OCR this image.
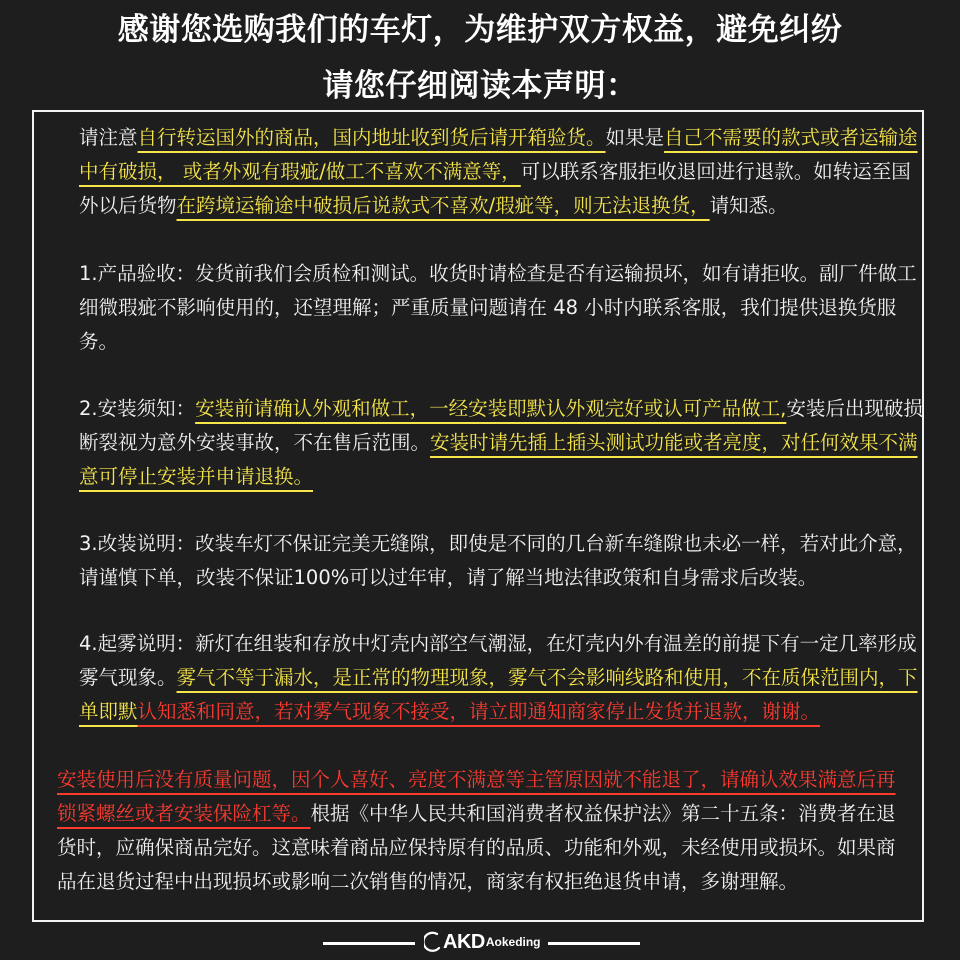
感谢您选购我们的车灯，为维护双方权益，避免纠纷
请您仔细阅读本声明：

请注意自行转运国外的商品，国内地址收到货后请开箱验货。如果是自己不需要的款式或者运输途中有破损， 或者外观有瑕疵/做工不喜欢不满意等，可以联系客服拒收退回进行退款。如转运至国外以后货物在跨境运输途中破损后说款式不喜欢/瑕疵等，则无法退换货，请知悉。

1.产品验收：发货前我们会质检和测试。收货时请检查是否有运输损坏，如有请拒收。副厂件做工细微瑕疵不影响使用的，还望理解；严重质量问题请在 48 小时内联系客服，我们提供退换货服务。

2.安装须知：安装前请确认外观和做工，一经安装即默认外观完好或认可产品做工,安装后出现破损断裂视为意外安装事故，不在售后范围。安装时请先插上插头测试功能或者亮度，对任何效果不满意可停止安装并申请退换。

3.改装说明：改装车灯不保证完美无缝隙，即使是不同的几台新车缝隙也未必一样，若对此介意，请谨慎下单，改装不保证100%可以过年审，请了解当地法律政策和自身需求后改装。

4.起雾说明：新灯在组装和存放中灯壳内部空气潮湿，在灯壳内外有温差的前提下有一定几率形成雾气现象。雾气不等于漏水，是正常的物理现象，雾气不会影响线路和使用，不在质保范围内，下单即默认知悉和同意，若对雾气现象不接受，请立即通知商家停止发货并退款，谢谢。

安装使用后没有质量问题，因个人喜好、亮度不满意等主管原因就不能退了，请确认效果满意后再锁紧螺丝或者安装保险杠等。根据《中华人民共和国消费者权益保护法》第二十五条：消费者在退货时，应确保商品完好。这意味着商品应保持原有的品质、功能和外观，未经使用或损坏。如果商品在退货过程中出现损坏或影响二次销售的情况，商家有权拒绝退货申请，多谢理解。

AKD Aokeding
